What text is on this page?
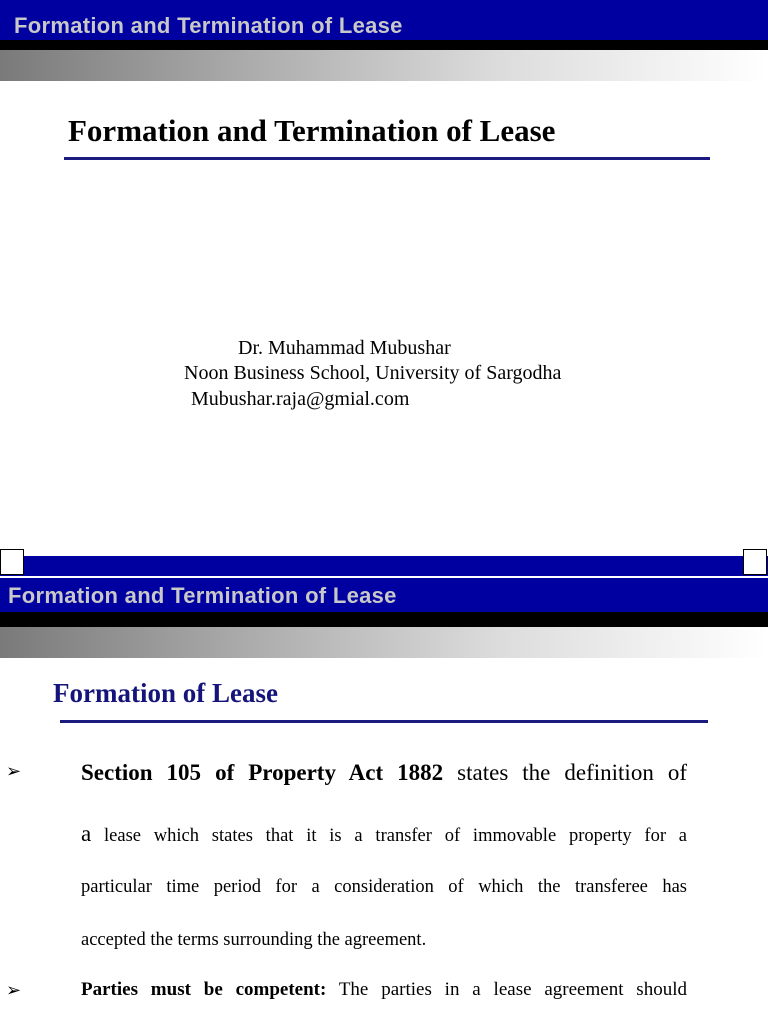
Formation and Termination of Lease
Formation and Termination of Lease
Dr. Muhammad Mubushar
Noon Business School, University of Sargodha
Mubushar.raja@gmial.com
Formation and Termination of Lease
Formation of Lease
➢	Section 105 of Property Act 1882 states the definition of
a lease which states that it is a transfer of immovable property for a
particular time period for a consideration of which the transferee has
accepted the terms surrounding the agreement.
➢	Parties must be competent: The parties in a lease agreement should
